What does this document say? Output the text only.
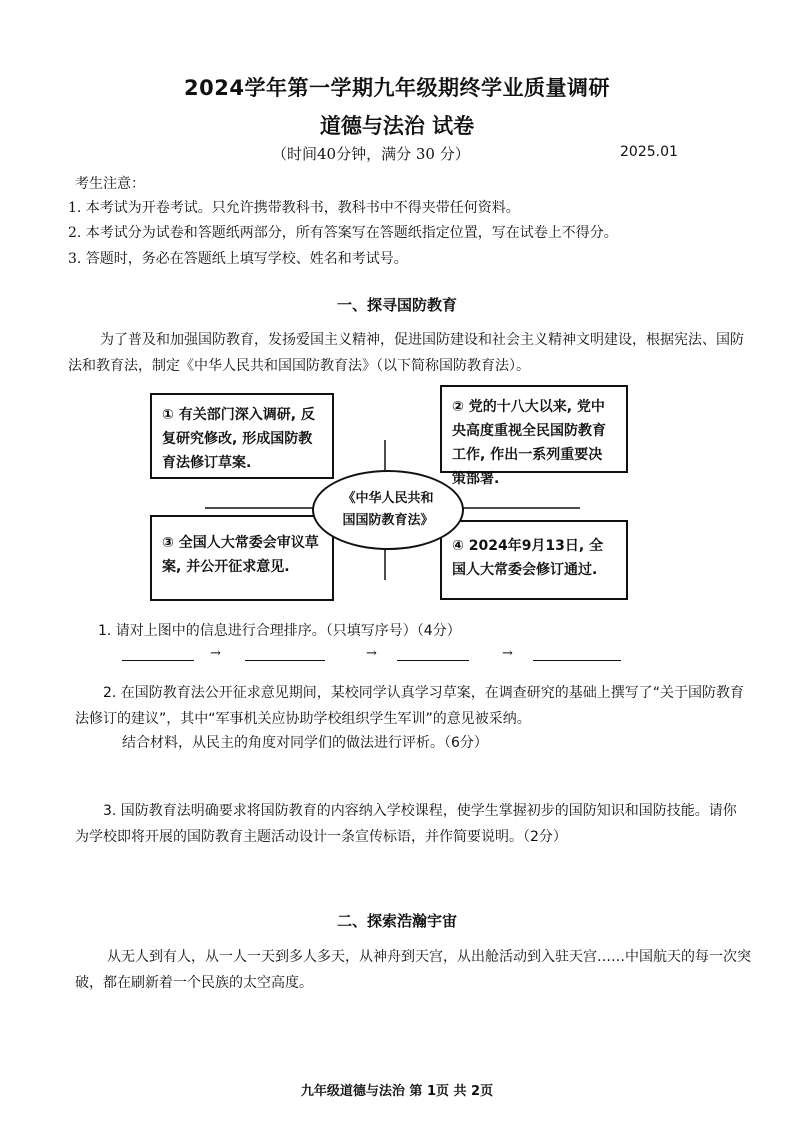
2024学年第一学期九年级期终学业质量调研
道德与法治 试卷
（时间40分钟，满分 30 分）	2025.01
考生注意：
1. 本考试为开卷考试。只允许携带教科书，教科书中不得夹带任何资料。
2. 本考试分为试卷和答题纸两部分，所有答案写在答题纸指定位置，写在试卷上不得分。
3. 答题时，务必在答题纸上填写学校、姓名和考试号。
一、探寻国防教育
为了普及和加强国防教育，发扬爱国主义精神，促进国防建设和社会主义精神文明建设，根据宪法、国防法和教育法，制定《中华人民共和国国防教育法》（以下简称国防教育法）。
① 有关部门深入调研, 反复研究修改, 形成国防教育法修订草案.
② 党的十八大以来, 党中央高度重视全民国防教育工作, 作出一系列重要决策部署.
③ 全国人大常委会审议草案, 并公开征求意见.
④ 2024年9月13日, 全国人大常委会修订通过.
《中华人民共和
国国防教育法》
1. 请对上图中的信息进行合理排序。（只填写序号）（4分）
→	→	→
2. 在国防教育法公开征求意见期间，某校同学认真学习草案，在调查研究的基础上撰写了“关于国防教育法修订的建议”，其中“军事机关应协助学校组织学生军训”的意见被采纳。
结合材料，从民主的角度对同学们的做法进行评析。（6分）
3. 国防教育法明确要求将国防教育的内容纳入学校课程，使学生掌握初步的国防知识和国防技能。请你为学校即将开展的国防教育主题活动设计一条宣传标语，并作简要说明。（2分）
二、探索浩瀚宇宙
从无人到有人，从一人一天到多人多天，从神舟到天宫，从出舱活动到入驻天宫……中国航天的每一次突破，都在刷新着一个民族的太空高度。
九年级道德与法治 第 1页 共 2页
